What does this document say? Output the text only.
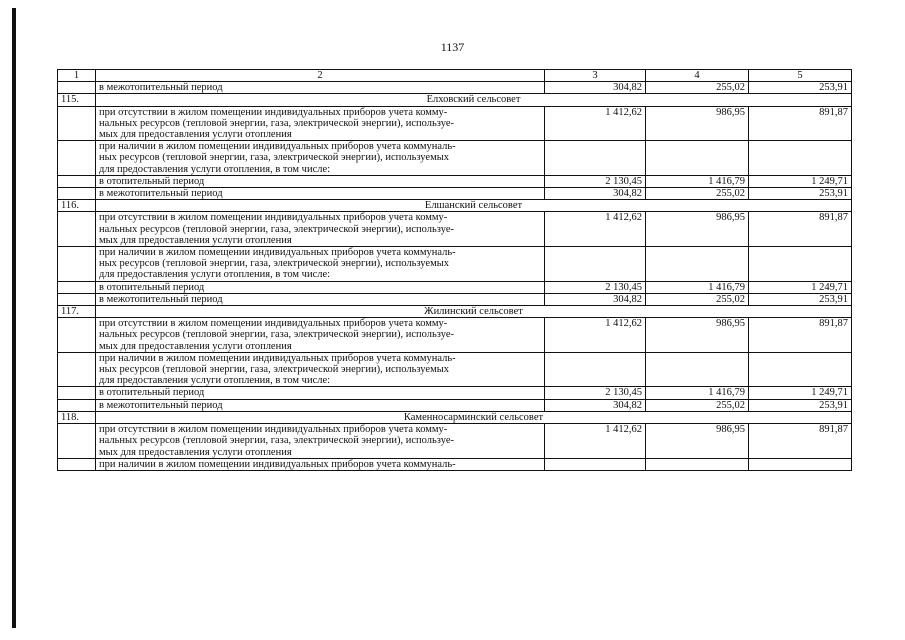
1137
1	2	3	4	5
	в межотопительный период	304,82	255,02	253,91
115.	Елховский сельсовет			

	при отсутствии в жилом помещении индивидуальных приборов учета комму-
нальных ресурсов (тепловой энергии, газа, электрической энергии), используе-
мых для предоставления услуги отопления	1 412,62	986,95	891,87

	при наличии в жилом помещении индивидуальных приборов учета коммуналь-
ных ресурсов (тепловой энергии, газа, электрической энергии), используемых
для предоставления услуги отопления, в том числе:			

	в отопительный период	2 130,45	1 416,79	1 249,71
	в межотопительный период	304,82	255,02	253,91
116.	Елшанский сельсовет			

	при отсутствии в жилом помещении индивидуальных приборов учета комму-
нальных ресурсов (тепловой энергии, газа, электрической энергии), используе-
мых для предоставления услуги отопления	1 412,62	986,95	891,87

	при наличии в жилом помещении индивидуальных приборов учета коммуналь-
ных ресурсов (тепловой энергии, газа, электрической энергии), используемых
для предоставления услуги отопления, в том числе:			

	в отопительный период	2 130,45	1 416,79	1 249,71
	в межотопительный период	304,82	255,02	253,91
117.	Жилинский сельсовет			

	при отсутствии в жилом помещении индивидуальных приборов учета комму-
нальных ресурсов (тепловой энергии, газа, электрической энергии), используе-
мых для предоставления услуги отопления	1 412,62	986,95	891,87

	при наличии в жилом помещении индивидуальных приборов учета коммуналь-
ных ресурсов (тепловой энергии, газа, электрической энергии), используемых
для предоставления услуги отопления, в том числе:			

	в отопительный период	2 130,45	1 416,79	1 249,71
	в межотопительный период	304,82	255,02	253,91
118.	Каменносарминский сельсовет			

	при отсутствии в жилом помещении индивидуальных приборов учета комму-
нальных ресурсов (тепловой энергии, газа, электрической энергии), используе-
мых для предоставления услуги отопления	1 412,62	986,95	891,87

	при наличии в жилом помещении индивидуальных приборов учета коммуналь-			
